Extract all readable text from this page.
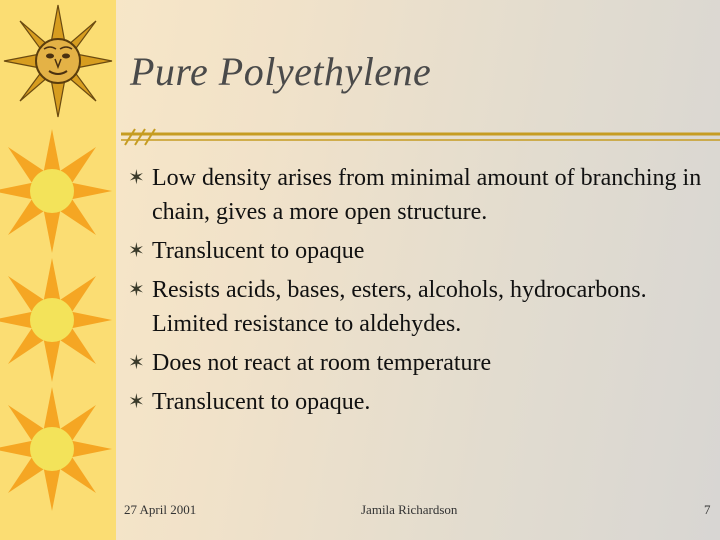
Pure Polyethylene
✶ Low density arises from minimal amount of branching in chain, gives a more open structure.
✶ Translucent to opaque
✶ Resists acids, bases, esters, alcohols, hydrocarbons. Limited resistance to aldehydes.
✶ Does not react at room temperature
✶ Translucent to opaque.
27 April 2001	Jamila Richardson	7
